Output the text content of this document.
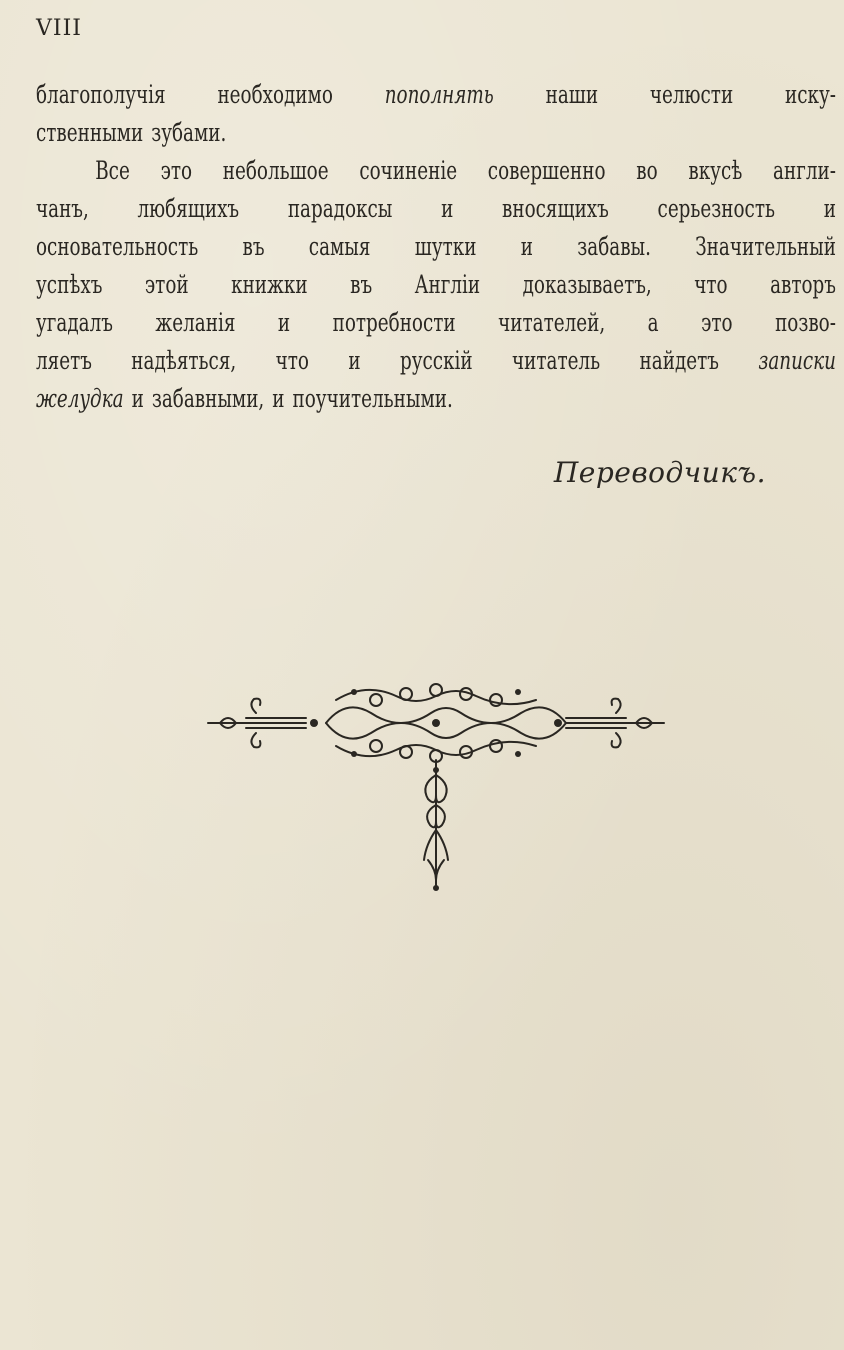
VIII
благополучія необходимо пополнять наши челюсти иску-
ственными зубами.
Все это небольшое сочиненіе совершенно во вкусѣ англи-
чанъ, любящихъ парадоксы и вносящихъ серьезность и
основательность въ самыя шутки и забавы. Значительный
успѣхъ этой книжки въ Англіи доказываетъ, что авторъ
угадалъ желанія и потребности читателей, а это позво-
ляетъ надѣяться, что и русскій читатель найдетъ записки
желудка и забавными, и поучительными.
Переводчикъ.
